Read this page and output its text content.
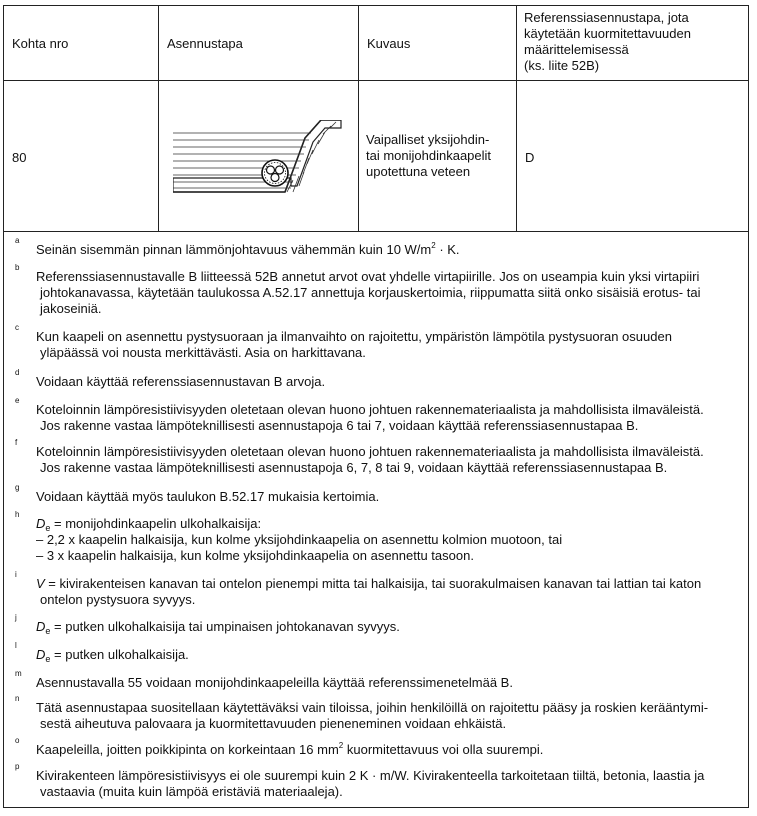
Kohta nro	Asennustapa	Kuvaus
Referenssiasennustapa, jota
käytetään kuormitettavuuden
määrittelemisessä
(ks. liite 52B)
80
Vaipalliset yksijohdin-
tai monijohdinkaapelit
upotettuna veteen
D
a
Seinän sisemmän pinnan lämmönjohtavuus vähemmän kuin 10 $W/m^2 \cdot K$.
b
Referenssiasennustavalle B liitteessä 52B annetut arvot ovat yhdelle virtapiirille. Jos on useampia kuin yksi virtapiiri
johtokanavassa, käytetään taulukossa A.52.17 annettuja korjauskertoimia, riippumatta siitä onko sisäisiä erotus- tai
jakoseiniä.
c
Kun kaapeli on asennettu pystysuoraan ja ilmanvaihto on rajoitettu, ympäristön lämpötila pystysuoran osuuden
yläpäässä voi nousta merkittävästi. Asia on harkittavana.
d
Voidaan käyttää referenssiasennustavan B arvoja.
e
Koteloinnin lämpöresistiivisyyden oletetaan olevan huono johtuen rakennemateriaalista ja mahdollisista ilmaväleistä.
Jos rakenne vastaa lämpöteknillisesti asennustapoja 6 tai 7, voidaan käyttää referenssiasennustapaa B.
f
Koteloinnin lämpöresistiivisyyden oletetaan olevan huono johtuen rakennemateriaalista ja mahdollisista ilmaväleistä.
Jos rakenne vastaa lämpöteknillisesti asennustapoja 6, 7, 8 tai 9, voidaan käyttää referenssiasennustapaa B.
g
Voidaan käyttää myös taulukon B.52.17 mukaisia kertoimia.
h
$D_e$ = monijohdinkaapelin ulkohalkaisija:
– 2,2 x kaapelin halkaisija, kun kolme yksijohdinkaapelia on asennettu kolmion muotoon, tai
– 3 x kaapelin halkaisija, kun kolme yksijohdinkaapelia on asennettu tasoon.
i
V = kivirakenteisen kanavan tai ontelon pienempi mitta tai halkaisija, tai suorakulmaisen kanavan tai lattian tai katon
ontelon pystysuora syvyys.
j
$D_e$ = putken ulkohalkaisija tai umpinaisen johtokanavan syvyys.
l
$D_e$ = putken ulkohalkaisija.
m
Asennustavalla 55 voidaan monijohdinkaapeleilla käyttää referenssimenetelmää B.
n
Tätä asennustapaa suositellaan käytettäväksi vain tiloissa, joihin henkilöillä on rajoitettu pääsy ja roskien kerääntymi-
sestä aiheutuva palovaara ja kuormitettavuuden pieneneminen voidaan ehkäistä.
o
Kaapeleilla, joitten poikkipinta on korkeintaan 16 $mm^2$ kuormitettavuus voi olla suurempi.
p
Kivirakenteen lämpöresistiivisyys ei ole suurempi kuin 2 K · m/W. Kivirakenteella tarkoitetaan tiiltä, betonia, laastia ja
vastaavia (muita kuin lämpöä eristäviä materiaaleja).
